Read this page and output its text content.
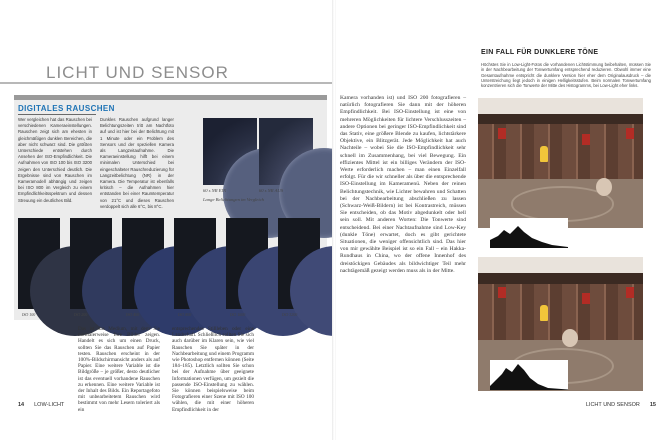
LICHT UND SENSOR
DIGITALES RAUSCHEN
Wer vergleichen hat das Rauschen bei verschiedenen Kameraeinstellungen. Rauschen zeigt sich am ehesten in gleichmäßigen dunklen Bereichen, die aber nicht schwarz sind. Die größten Unterschiede entstehen durch Ansehen der ISO-Empfindlichkeit. Die Aufnahmen von ISO 100 bis ISO 3200 zeigen den Unterschied deutlich. Die Ergebnisse sind von Rauschen im Kameramodell abhängig und zeigen bei ISO 800 im Vergleich zu einem Empfindlichkeitsspektrum und dessen Streuung ein deutliches Bild.
Dunkles Rauschen aufgrund langer Belichtungszeiten tritt am Nachtfoto auf und ist hier bei der Belichtung mit 1 Minute oder ein Problem des Sensors und der speziellen Kamera als Langzeitaufnahme. Die Kameraeinstellung hilft bei einem minimalen Unterschied bei eingeschalteter Rauschreduzierung für Langzeitbelichtung (NR) in der Kamera. Die Temperatur ist ebenfalls kritisch – die Aufnahmen hier entstanden bei einer Raumtemperatur von 21°C und dieses Rauschen verdoppelt sich alle 6°C, bis 8°C.
60 s NR EIN	60 s NR AUS
Lange Belichtungen im Vergleich
ISO 100	ISO 200	ISO 400	ISO 800	ISO 1600	ISO 3200
Das ist das Medium, mit dem Sie normalerweise Ihre Bilder zeigen. Handelt es sich um einen Druck, sollten Sie das Rauschen auf Papier testen. Rauschen erscheint in der 100%-Bildschirmansicht anders als auf Papier. Eine weitere Variable ist die Bildgröße – je größer, desto deutlicher ist das eventuell vorhandene Rauschen zu erkennen. Eine weitere Variable ist der Inhalt des Bilds. Ein Reportagefoto mit unbearbeitetem Rauschen wird bestimmt von mehr Lesern toleriert als ein
entsprechendes Stillleben oder eine Landschaft. Schließlich sollten Sie sich auch darüber im Klaren sein, wie viel Rauschen Sie später in der Nachbearbeitung und einem Programm wie Photoshop entfernen können (Seite 184–185). Letztlich sollten Sie schon bei der Aufnahme über geeignete Informationen verfügen, um gezielt die passende ISO-Einstellung zu wählen. Sie können beispielsweise beim Fotografieren einer Szene mit ISO 100 wählen, die mit einer höheren Empfindlichkeit in der
14 LOW-LICHT
Kamera vorhanden ist) und ISO 200 fotografieren – natürlich fotografieren Sie dann mit der höheren Empfindlichkeit. Bei ISO-Einstellung ist eine von mehreren Möglichkeiten für lichtere Verschlusszeiten – andere Optionen bei geringer ISO-Empfindlichkeit sind das Stativ, eine größere Blende zu kaufen, lichtstärkere Objektive, ein Blitzgerät. Jede Möglichkeit hat auch Nachteile – wobei Sie die ISO-Empfindlichkeit sehr schnell im Zusammenhang, bei viel Bewegung. Ein effizientes Mittel ist ein billiges Verändern der ISO-Werte erforderlich machen – man einen Einzelfall erfolgt. Für die wir schneller als über die entsprechende ISO-Einstellung im Kameramenü. Neben der reinen Belichtungstechnik, wie Lichter bewahren und Schatten bei der Nachbearbeitung abschließen zu lassen (Schwarz-Weiß-Bildern) ist bei Kontrastreich, müssen Sie entscheiden, ob das Motiv abgedunkelt oder hell sein soll. Mit anderen Worten: Die Tonwerte sind entscheidend. Bei einer Nachtaufnahme sind Low-Key (dunkle Töne) erwartet, doch es gibt gerichtete Situationen, die weniger offensichtlich sind. Das hier von mir gewählte Beispiel ist so ein Fall – ein Hakka-Rundhaus in China, wo der offene Innenhof des dreistöckigen Gebäudes als bildwichtiger Teil mehr nachtägemäß gezeigt werden muss als in der Mitte.
EIN FALL FÜR DUNKLERE TÖNE
Höchstes Sie in Low-Light-Fotos die vorhandenen Lichtstimmung beibehalten, müssen Sie in der Nachbearbeitung der Tonwertumfang entsprechend reduzieren. Obwohl immer eine Gesamtaufnahme entspricht die dunklere Version hier eher dem Originalausdruck – die Unterstreichung liegt jedoch in einigen Helligkeitsstufen. Beim normalen Tonwertumfang konzentrieren sich die Tonwerte der Mitte des Histogramms, bei Low-Light eher links.
LICHT UND SENSOR 15
